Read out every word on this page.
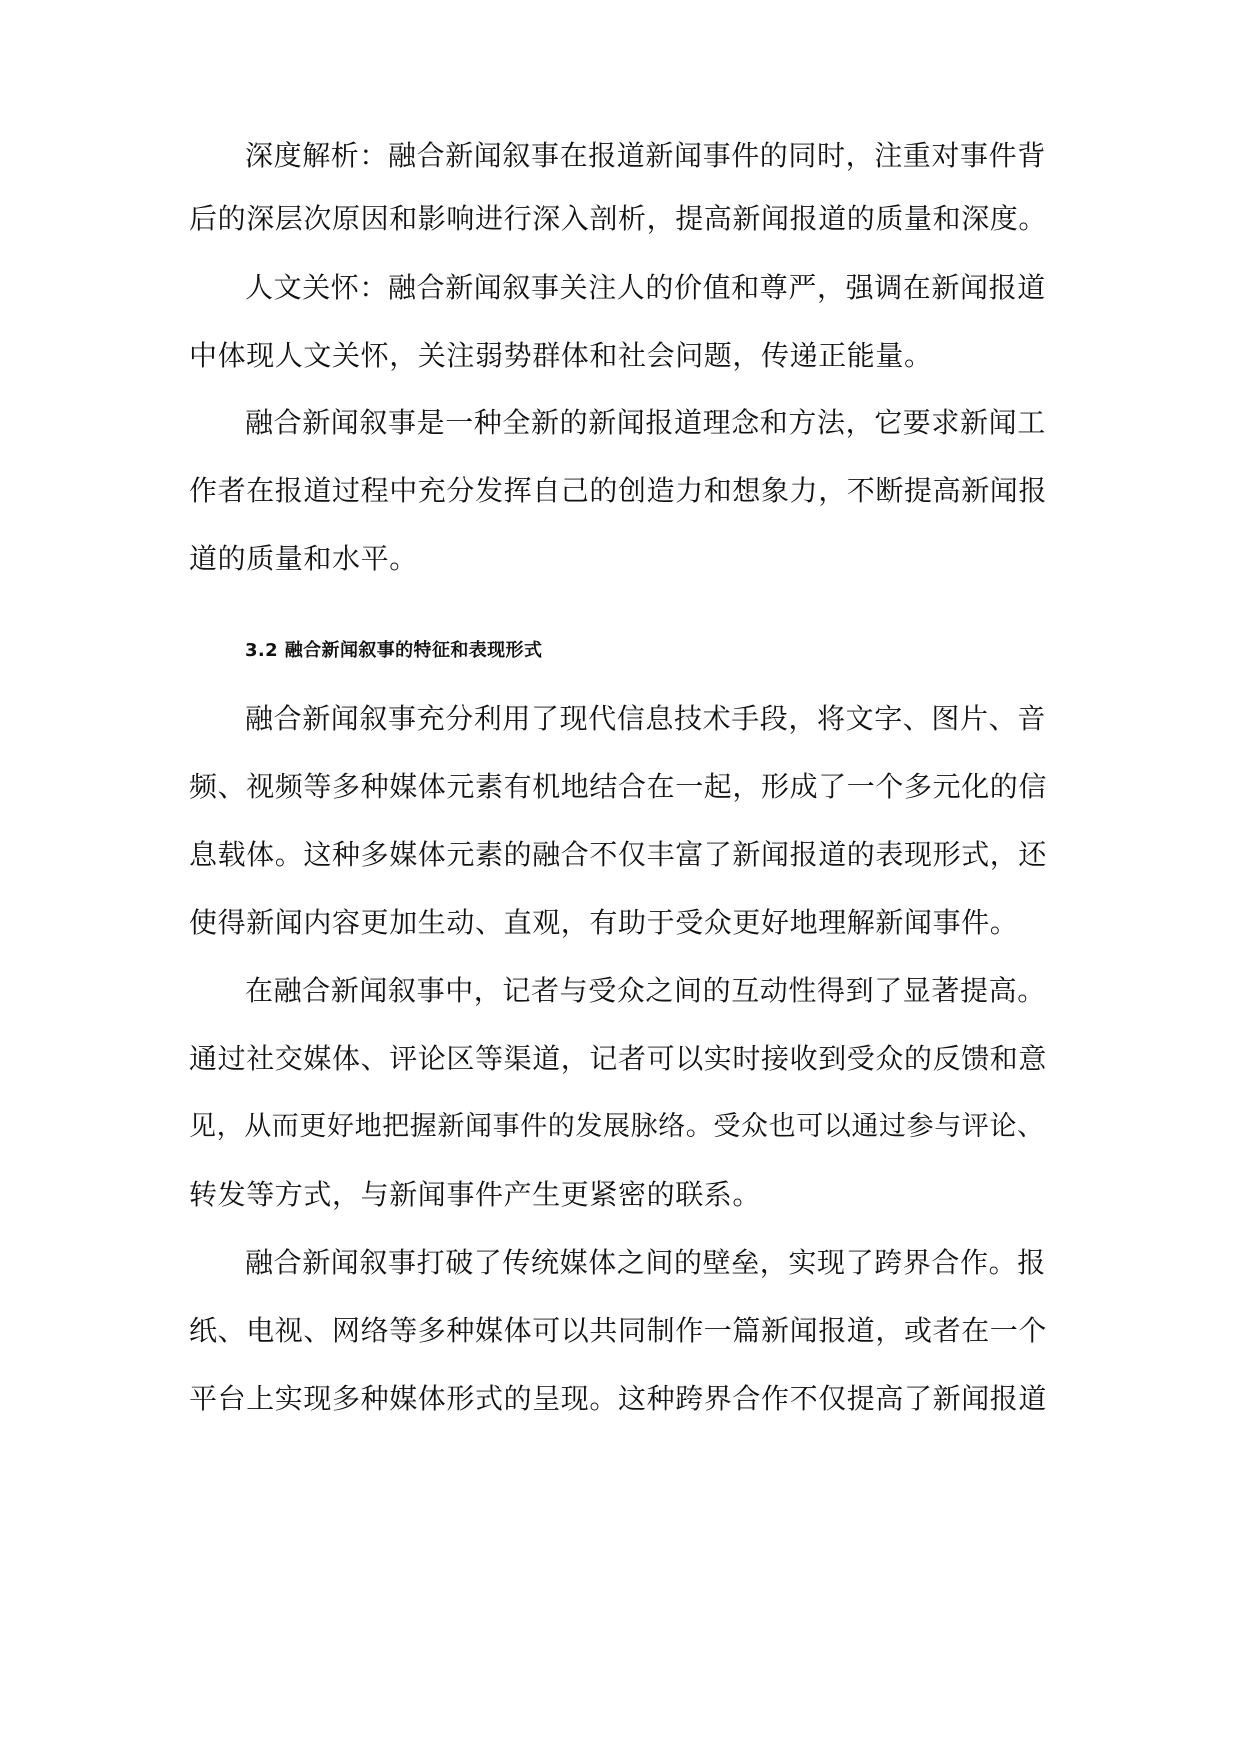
深度解析：融合新闻叙事在报道新闻事件的同时，注重对事件背
后的深层次原因和影响进行深入剖析，提高新闻报道的质量和深度。
人文关怀：融合新闻叙事关注人的价值和尊严，强调在新闻报道
中体现人文关怀，关注弱势群体和社会问题，传递正能量。
融合新闻叙事是一种全新的新闻报道理念和方法，它要求新闻工
作者在报道过程中充分发挥自己的创造力和想象力，不断提高新闻报
道的质量和水平。
3.2 融合新闻叙事的特征和表现形式
融合新闻叙事充分利用了现代信息技术手段，将文字、图片、音
频、视频等多种媒体元素有机地结合在一起，形成了一个多元化的信
息载体。这种多媒体元素的融合不仅丰富了新闻报道的表现形式，还
使得新闻内容更加生动、直观，有助于受众更好地理解新闻事件。
在融合新闻叙事中，记者与受众之间的互动性得到了显著提高。
通过社交媒体、评论区等渠道，记者可以实时接收到受众的反馈和意
见，从而更好地把握新闻事件的发展脉络。受众也可以通过参与评论、
转发等方式，与新闻事件产生更紧密的联系。
融合新闻叙事打破了传统媒体之间的壁垒，实现了跨界合作。报
纸、电视、网络等多种媒体可以共同制作一篇新闻报道，或者在一个
平台上实现多种媒体形式的呈现。这种跨界合作不仅提高了新闻报道
